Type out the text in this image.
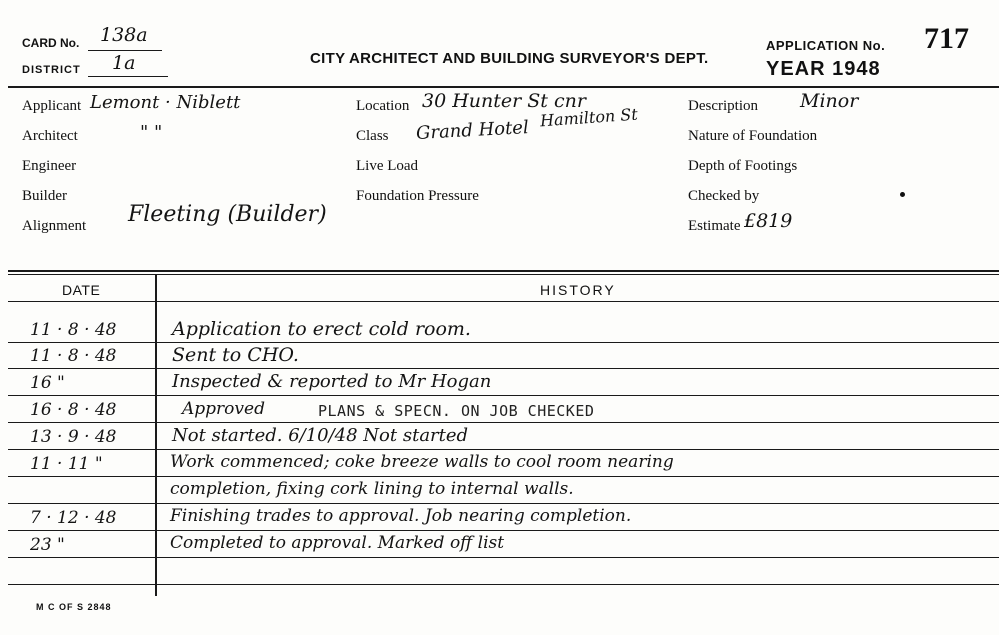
CARD No. 138a
DISTRICT 1a	CITY ARCHITECT AND BUILDING SURVEYOR'S DEPT.
APPLICATION No. 717
YEAR 1948
Applicant Lemont · Niblett
Architect	" "
Engineer
Builder
Alignment Fleeting (Builder)
Location 30 Hunter St cnr
Hamilton St
Class Grand Hotel
Live Load
Foundation Pressure
Description Minor
Nature of Foundation
Depth of Footings
Checked by
Estimate £819
DATE	HISTORY
11 · 8 · 48	Application to erect cold room.
11 · 8 · 48	Sent to CHO.
16 "	Inspected & reported to Mr Hogan
16 · 8 · 48	Approved	PLANS & SPECN. ON JOB CHECKED
13 · 9 · 48	Not started. 6/10/48 Not started
11 · 11 "	Work commenced; coke breeze walls to cool room nearing
completion, fixing cork lining to internal walls.
7 · 12 · 48	Finishing trades to approval. Job nearing completion.
23 "	Completed to approval. Marked off list
M C OF S 2848
